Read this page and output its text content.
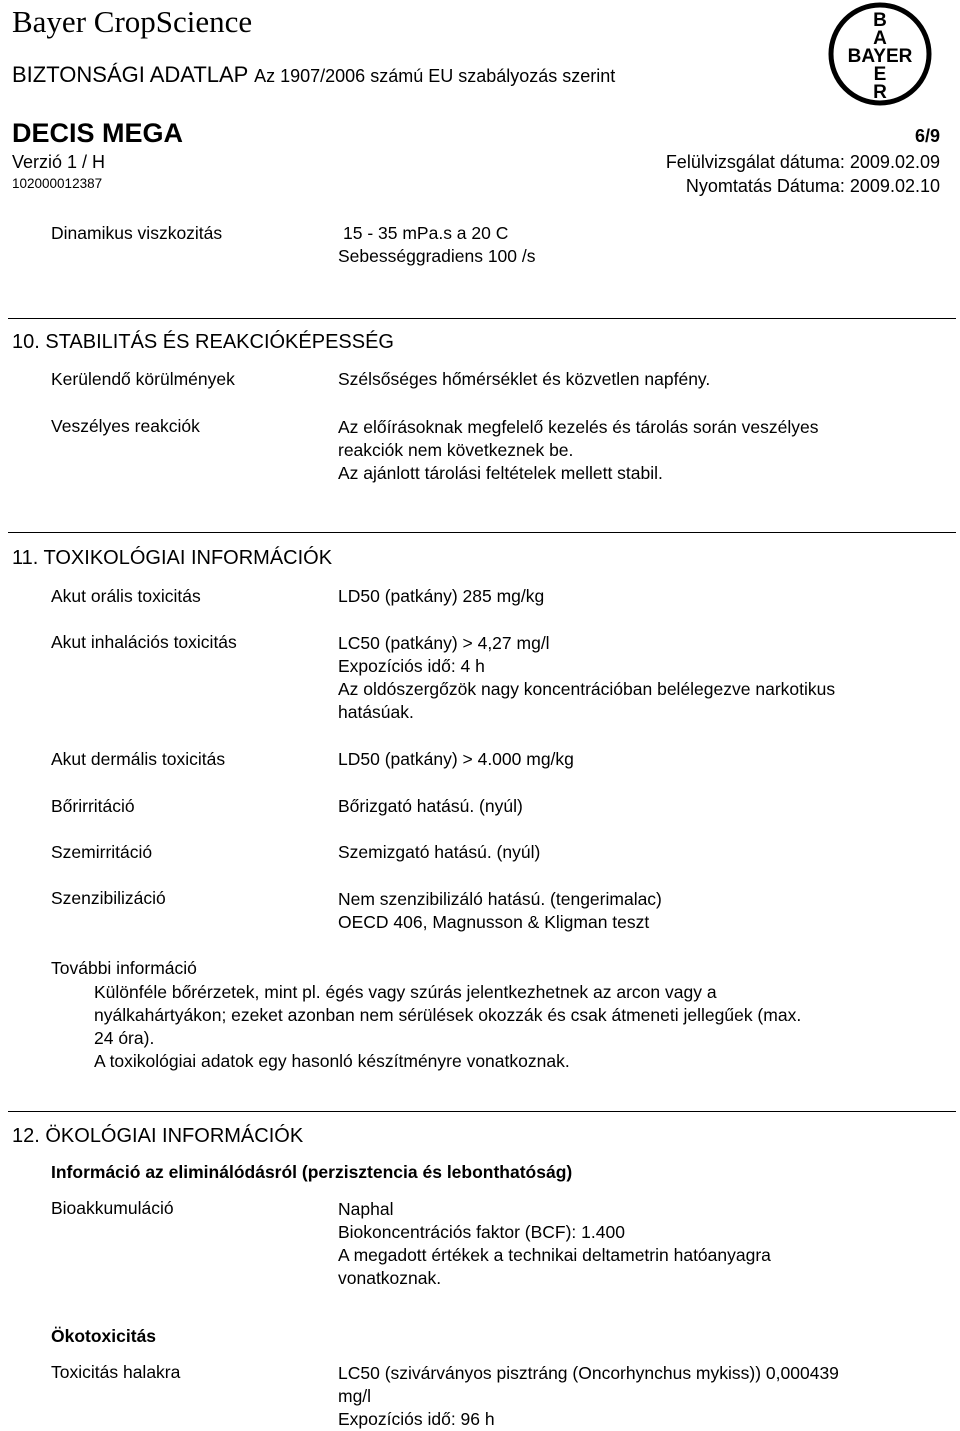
Bayer CropScience
BIZTONSÁGI ADATLAP Az 1907/2006 számú EU szabályozás szerint
DECIS MEGA	6/9
Verzió 1 / H
102000012387
Felülvizsgálat dátuma: 2009.02.09
Nyomtatás Dátuma: 2009.02.10
B
A
BAYER
E
R
Dinamikus viszkozitás	15 - 35 mPa.s a 20 C
Sebességgradiens 100 /s
10. STABILITÁS ÉS REAKCIÓKÉPESSÉG
Kerülendő körülmények	Szélsőséges hőmérséklet és közvetlen napfény.
Veszélyes reakciók	Az előírásoknak megfelelő kezelés és tárolás során veszélyes
reakciók nem következnek be.
Az ajánlott tárolási feltételek mellett stabil.
11. TOXIKOLÓGIAI INFORMÁCIÓK
Akut orális toxicitás	LD50 (patkány) 285 mg/kg
Akut inhalációs toxicitás	LC50 (patkány) > 4,27 mg/l
Expozíciós idő: 4 h
Az oldószergőzök nagy koncentrációban belélegezve narkotikus
hatásúak.
Akut dermális toxicitás	LD50 (patkány) > 4.000 mg/kg
Bőrirritáció	Bőrizgató hatású. (nyúl)
Szemirritáció	Szemizgató hatású. (nyúl)
Szenzibilizáció	Nem szenzibilizáló hatású. (tengerimalac)
OECD 406, Magnusson & Kligman teszt
További információ
Különféle bőrérzetek, mint pl. égés vagy szúrás jelentkezhetnek az arcon vagy a
nyálkahártyákon; ezeket azonban nem sérülések okozzák és csak átmeneti jellegűek (max.
24 óra).
A toxikológiai adatok egy hasonló készítményre vonatkoznak.
12. ÖKOLÓGIAI INFORMÁCIÓK
Információ az eliminálódásról (perzisztencia és lebonthatóság)
Bioakkumuláció	Naphal
Biokoncentrációs faktor (BCF): 1.400
A megadott értékek a technikai deltametrin hatóanyagra
vonatkoznak.
Ökotoxicitás
Toxicitás halakra	LC50 (szivárványos pisztráng (Oncorhynchus mykiss)) 0,000439
mg/l
Expozíciós idő: 96 h
